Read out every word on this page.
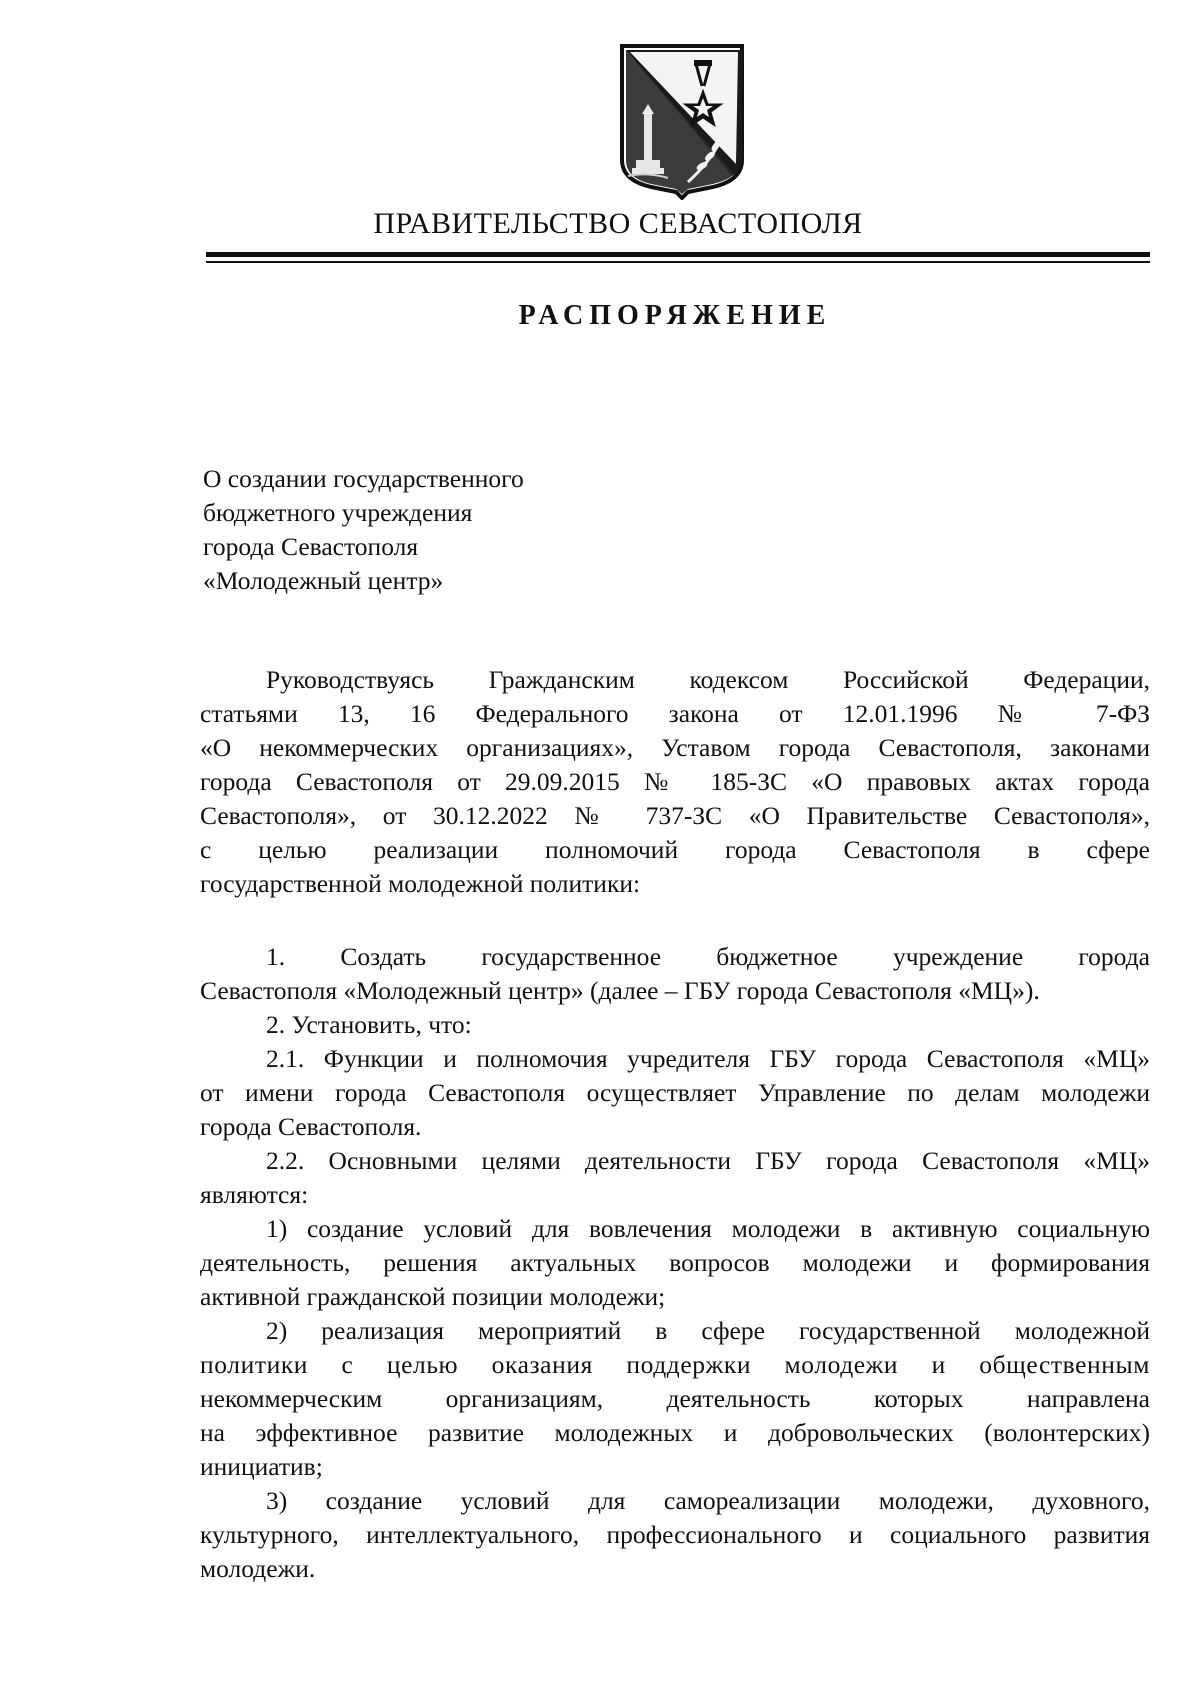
ПРАВИТЕЛЬСТВО СЕВАСТОПОЛЯ
РАСПОРЯЖЕНИЕ
О создании государственного
бюджетного учреждения
города Севастополя
«Молодежный центр»
Руководствуясь Гражданским кодексом Российской Федерации,
статьями 13, 16 Федерального закона от 12.01.1996 № 7-ФЗ
«О некоммерческих организациях», Уставом города Севастополя, законами
города Севастополя от 29.09.2015 № 185-ЗС «О правовых актах города
Севастополя», от 30.12.2022 № 737-ЗС «О Правительстве Севастополя»,
с целью реализации полномочий города Севастополя в сфере
государственной молодежной политики:
1. Создать государственное бюджетное учреждение города
Севастополя «Молодежный центр» (далее – ГБУ города Севастополя «МЦ»).
2. Установить, что:
2.1. Функции и полномочия учредителя ГБУ города Севастополя «МЦ»
от имени города Севастополя осуществляет Управление по делам молодежи
города Севастополя.
2.2. Основными целями деятельности ГБУ города Севастополя «МЦ»
являются:
1) создание условий для вовлечения молодежи в активную социальную
деятельность, решения актуальных вопросов молодежи и формирования
активной гражданской позиции молодежи;
2) реализация мероприятий в сфере государственной молодежной
политики с целью оказания поддержки молодежи и общественным
некоммерческим организациям, деятельность которых направлена
на эффективное развитие молодежных и добровольческих (волонтерских)
инициатив;
3) создание условий для самореализации молодежи, духовного,
культурного, интеллектуального, профессионального и социального развития
молодежи.
